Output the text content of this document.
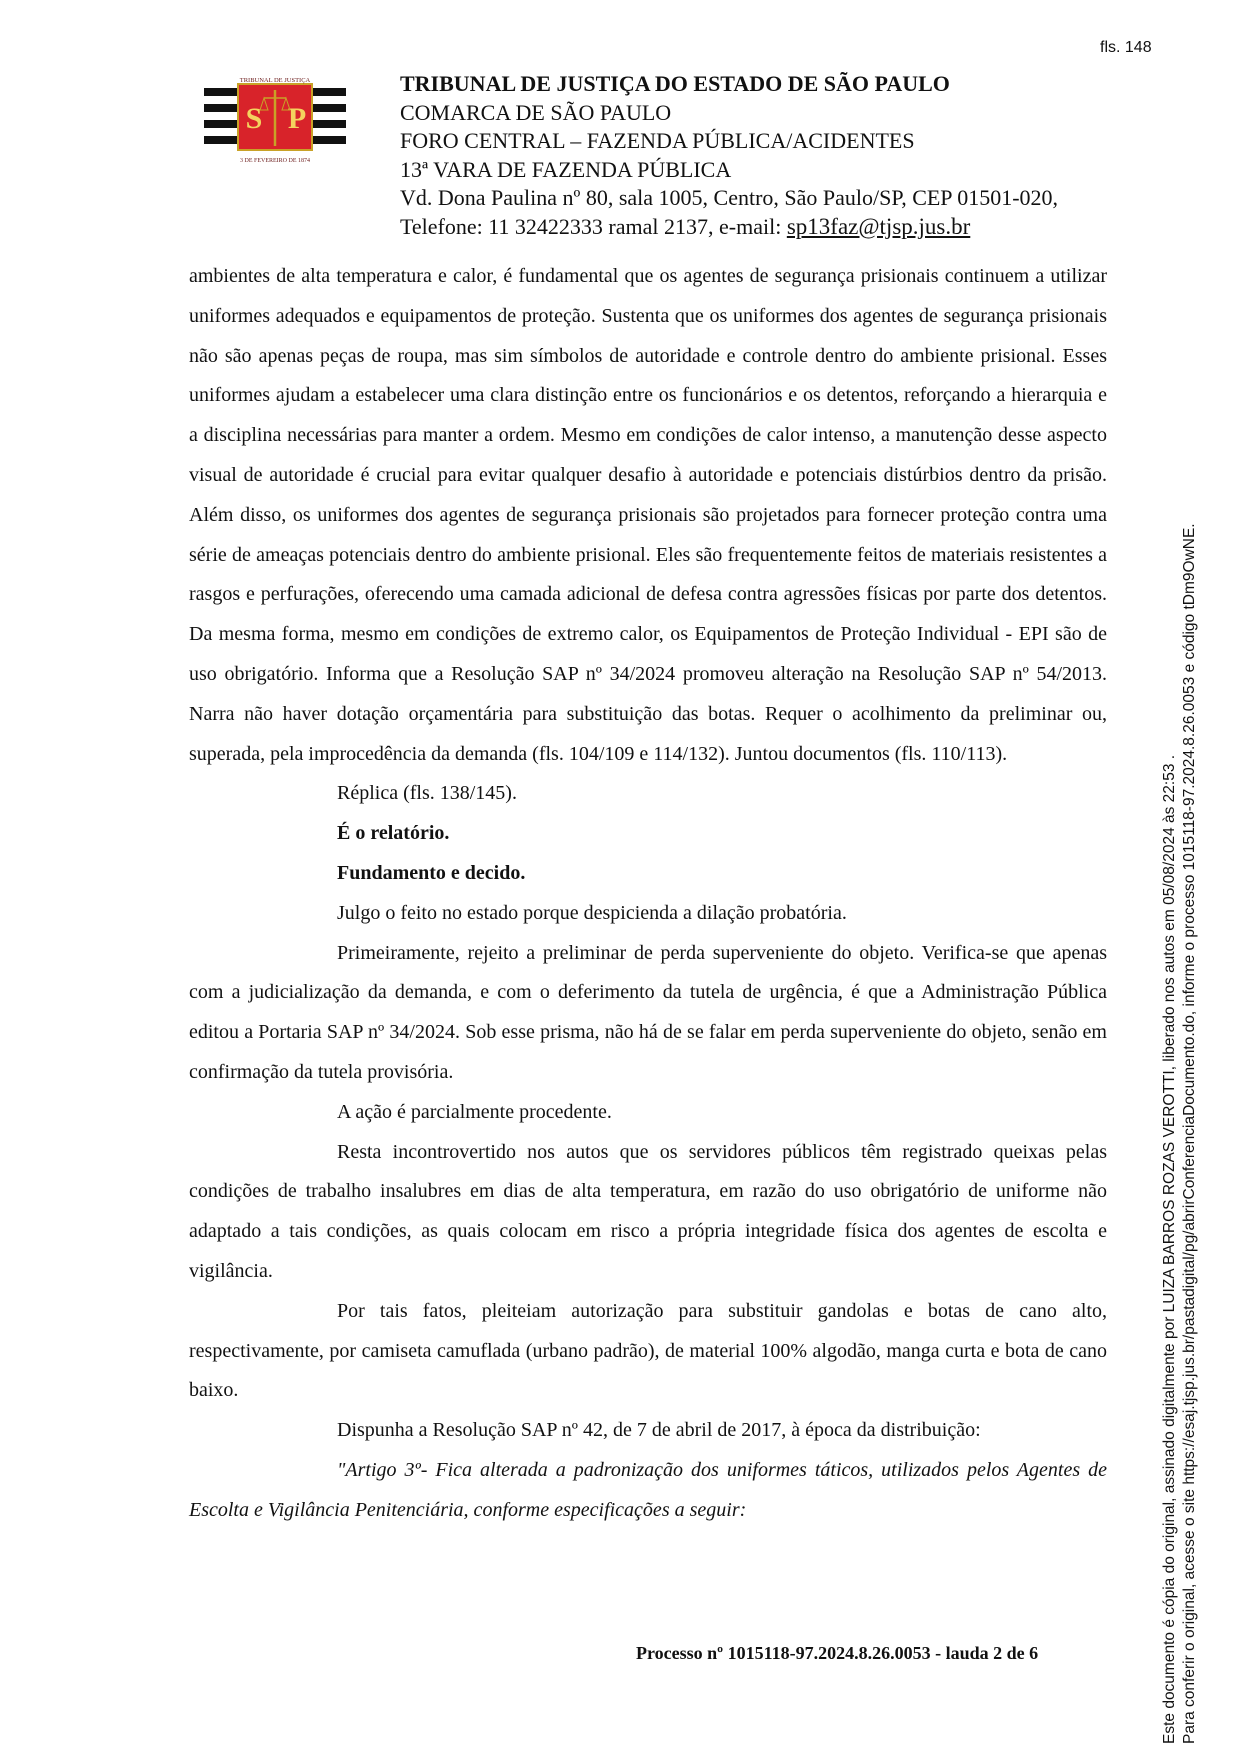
fls. 148
TRIBUNAL DE JUSTIÇA
S P
3 DE FEVEREIRO DE 1874
TRIBUNAL DE JUSTIÇA DO ESTADO DE SÃO PAULO
COMARCA DE SÃO PAULO
FORO CENTRAL – FAZENDA PÚBLICA/ACIDENTES
13ª VARA DE FAZENDA PÚBLICA
Vd. Dona Paulina nº 80, sala 1005, Centro, São Paulo/SP, CEP 01501-020,
Telefone: 11 32422333 ramal 2137, e-mail: sp13faz@tjsp.jus.br

ambientes de alta temperatura e calor, é fundamental que os agentes de segurança prisionais continuem a utilizar uniformes adequados e equipamentos de proteção. Sustenta que os uniformes dos agentes de segurança prisionais não são apenas peças de roupa, mas sim símbolos de autoridade e controle dentro do ambiente prisional. Esses uniformes ajudam a estabelecer uma clara distinção entre os funcionários e os detentos, reforçando a hierarquia e a disciplina necessárias para manter a ordem. Mesmo em condições de calor intenso, a manutenção desse aspecto visual de autoridade é crucial para evitar qualquer desafio à autoridade e potenciais distúrbios dentro da prisão. Além disso, os uniformes dos agentes de segurança prisionais são projetados para fornecer proteção contra uma série de ameaças potenciais dentro do ambiente prisional. Eles são frequentemente feitos de materiais resistentes a rasgos e perfurações, oferecendo uma camada adicional de defesa contra agressões físicas por parte dos detentos. Da mesma forma, mesmo em condições de extremo calor, os Equipamentos de Proteção Individual - EPI são de uso obrigatório. Informa que a Resolução SAP nº 34/2024 promoveu alteração na Resolução SAP nº 54/2013. Narra não haver dotação orçamentária para substituição das botas. Requer o acolhimento da preliminar ou, superada, pela improcedência da demanda (fls. 104/109 e 114/132). Juntou documentos (fls. 110/113).

Réplica (fls. 138/145).

É o relatório.

Fundamento e decido.

Julgo o feito no estado porque despicienda a dilação probatória.

Primeiramente, rejeito a preliminar de perda superveniente do objeto. Verifica-se que apenas com a judicialização da demanda, e com o deferimento da tutela de urgência, é que a Administração Pública editou a Portaria SAP nº 34/2024. Sob esse prisma, não há de se falar em perda superveniente do objeto, senão em confirmação da tutela provisória.

A ação é parcialmente procedente.

Resta incontrovertido nos autos que os servidores públicos têm registrado queixas pelas condições de trabalho insalubres em dias de alta temperatura, em razão do uso obrigatório de uniforme não adaptado a tais condições, as quais colocam em risco a própria integridade física dos agentes de escolta e vigilância.

Por tais fatos, pleiteiam autorização para substituir gandolas e botas de cano alto, respectivamente, por camiseta camuflada (urbano padrão), de material 100% algodão, manga curta e bota de cano baixo.

Dispunha a Resolução SAP nº 42, de 7 de abril de 2017, à época da distribuição:

"Artigo 3º- Fica alterada a padronização dos uniformes táticos, utilizados pelos Agentes de Escolta e Vigilância Penitenciária, conforme especificações a seguir:

Processo nº 1015118-97.2024.8.26.0053 - lauda 2 de 6	Este documento é cópia do original, assinado digitalmente por LUIZA BARROS ROZAS VEROTTI, liberado nos autos em 05/08/2024 às 22:53 . Para conferir o original, acesse o site https://esaj.tjsp.jus.br/pastadigital/pg/abrirConferenciaDocumento.do, informe o processo 1015118-97.2024.8.26.0053 e código tDm9OwNE.
